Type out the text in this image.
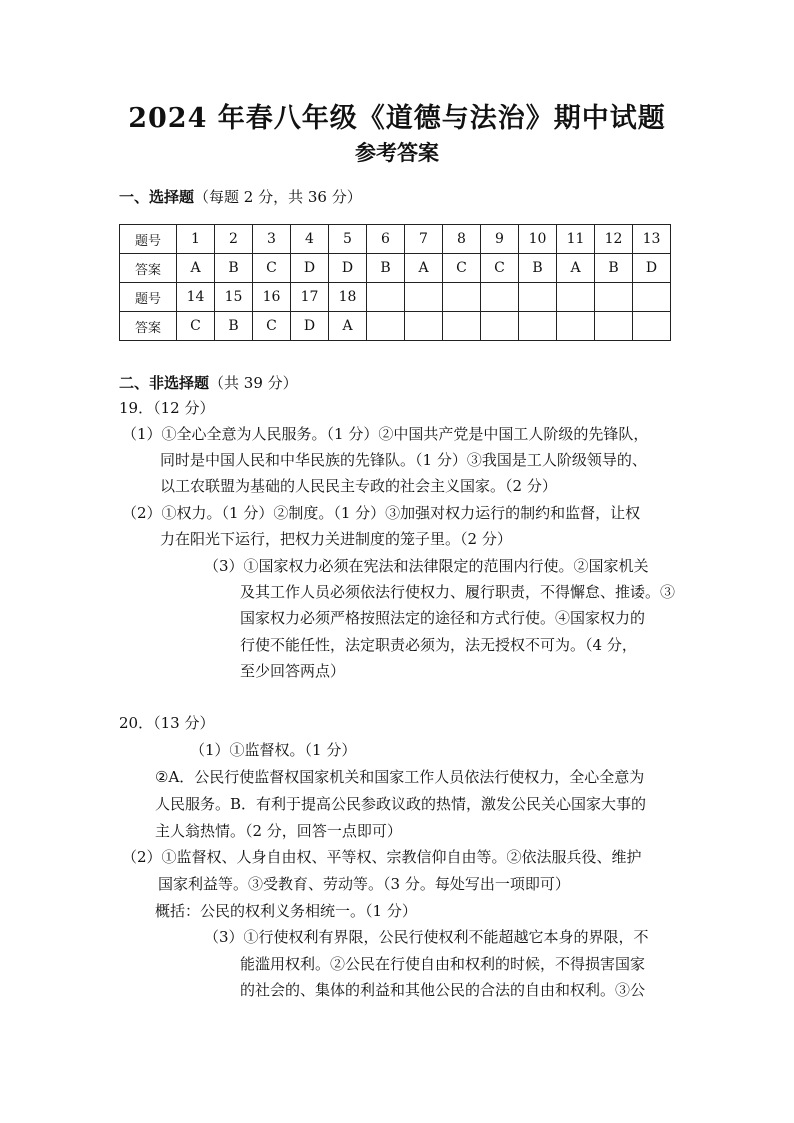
2024 年春八年级《道德与法治》期中试题
参考答案
一、选择题（每题 2 分，共 36 分）
题号	1	2	3	4	5	6	7	8	9	10	11	12	13
答案	A	B	C	D	D	B	A	C	C	B	A	B	D
题号	14	15	16	17	18								
答案	C	B	C	D	A								
二、非选择题（共 39 分）
19．（12 分）
（1）①全心全意为人民服务。（1 分）②中国共产党是中国工人阶级的先锋队，
同时是中国人民和中华民族的先锋队。（1 分）③我国是工人阶级领导的、
以工农联盟为基础的人民民主专政的社会主义国家。（2 分）
（2）①权力。（1 分）②制度。（1 分）③加强对权力运行的制约和监督，让权
力在阳光下运行，把权力关进制度的笼子里。（2 分）
（3）①国家权力必须在宪法和法律限定的范围内行使。②国家机关
及其工作人员必须依法行使权力、履行职责，不得懈怠、推诿。③
国家权力必须严格按照法定的途径和方式行使。④国家权力的
行使不能任性，法定职责必须为，法无授权不可为。（4 分，
至少回答两点）
20．（13 分）
（1）①监督权。（1 分）
②A．公民行使监督权国家机关和国家工作人员依法行使权力，全心全意为
人民服务。B．有利于提高公民参政议政的热情，激发公民关心国家大事的
主人翁热情。（2 分，回答一点即可）
（2）①监督权、人身自由权、平等权、宗教信仰自由等。②依法服兵役、维护
国家利益等。③受教育、劳动等。（3 分。每处写出一项即可）
概括：公民的权利义务相统一。（1 分）
（3）①行使权利有界限，公民行使权利不能超越它本身的界限，不
能滥用权利。②公民在行使自由和权利的时候，不得损害国家
的社会的、集体的利益和其他公民的合法的自由和权利。③公
